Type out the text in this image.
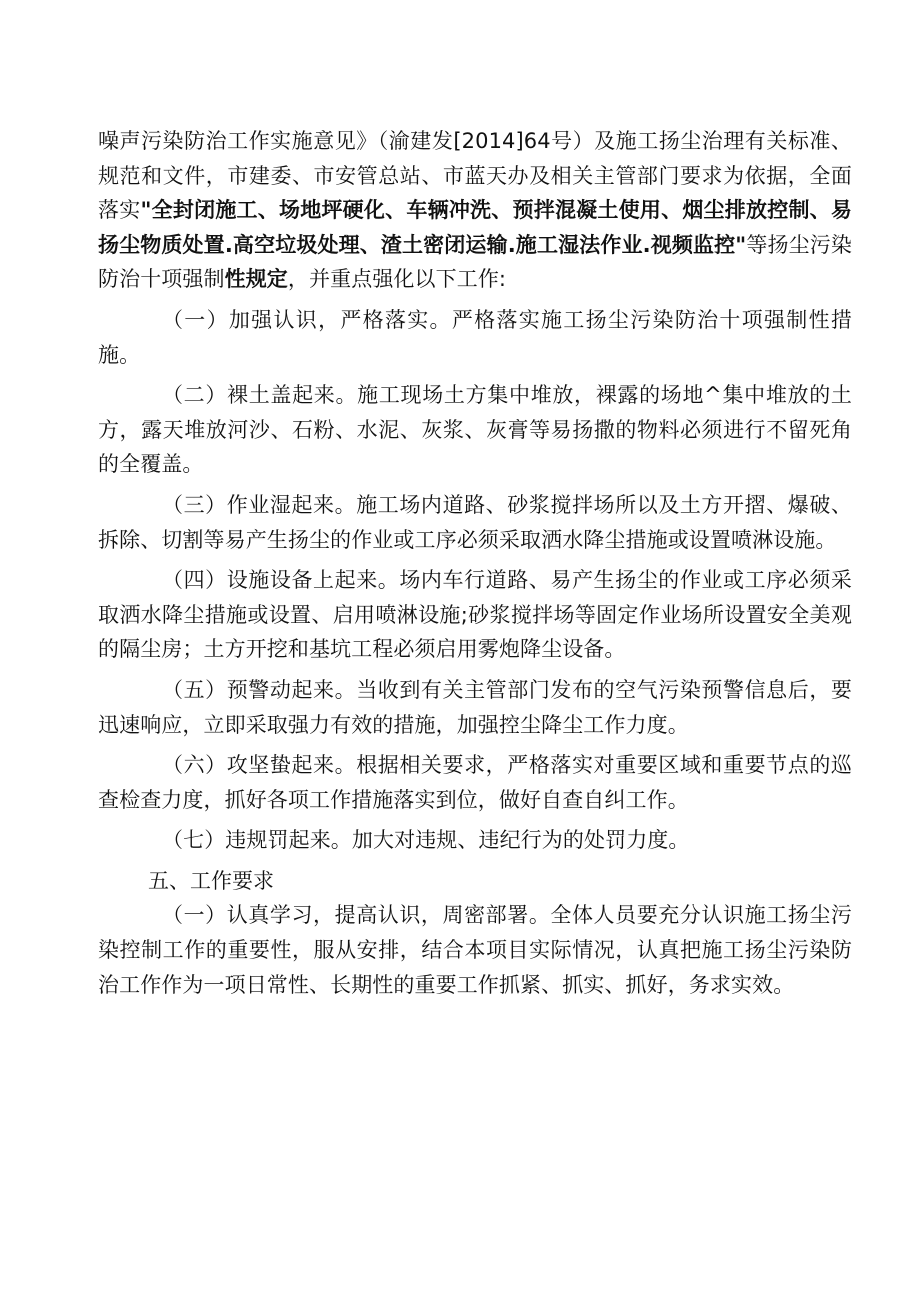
噪声污染防治工作实施意见》（渝建发[2014]64号）及施工扬尘治理有关标准、规范和文件，市建委、市安管总站、市蓝天办及相关主管部门要求为依据，全面落实"全封闭施工、场地坪硬化、车辆冲洗、预拌混凝土使用、烟尘排放控制、易扬尘物质处置.高空垃圾处理、渣土密闭运输.施工湿法作业.视频监控"等扬尘污染防治十项强制性规定，并重点强化以下工作:

（一）加强认识，严格落实。严格落实施工扬尘污染防治十项强制性措施。

（二）裸土盖起来。施工现场土方集中堆放，裸露的场地^集中堆放的土方，露天堆放河沙、石粉、水泥、灰浆、灰膏等易扬撒的物料必须进行不留死角的全覆盖。

（三）作业湿起来。施工场内道路、砂浆搅拌场所以及土方开摺、爆破、拆除、切割等易产生扬尘的作业或工序必须采取洒水降尘措施或设置喷淋设施。

（四）设施设备上起来。场内车行道路、易产生扬尘的作业或工序必须采取洒水降尘措施或设置、启用喷淋设施;砂浆搅拌场等固定作业场所设置安全美观的隔尘房；土方开挖和基坑工程必须启用雾炮降尘设备。

（五）预警动起来。当收到有关主管部门发布的空气污染预警信息后，要迅速响应，立即采取强力有效的措施，加强控尘降尘工作力度。

（六）攻坚蛰起来。根据相关要求，严格落实对重要区域和重要节点的巡查检查力度，抓好各项工作措施落实到位，做好自查自纠工作。

（七）违规罚起来。加大对违规、违纪行为的处罚力度。

五、工作要求

（一）认真学习，提高认识，周密部署。全体人员要充分认识施工扬尘污染控制工作的重要性，服从安排，结合本项目实际情况，认真把施工扬尘污染防治工作作为一项日常性、长期性的重要工作抓紧、抓实、抓好，务求实效。
